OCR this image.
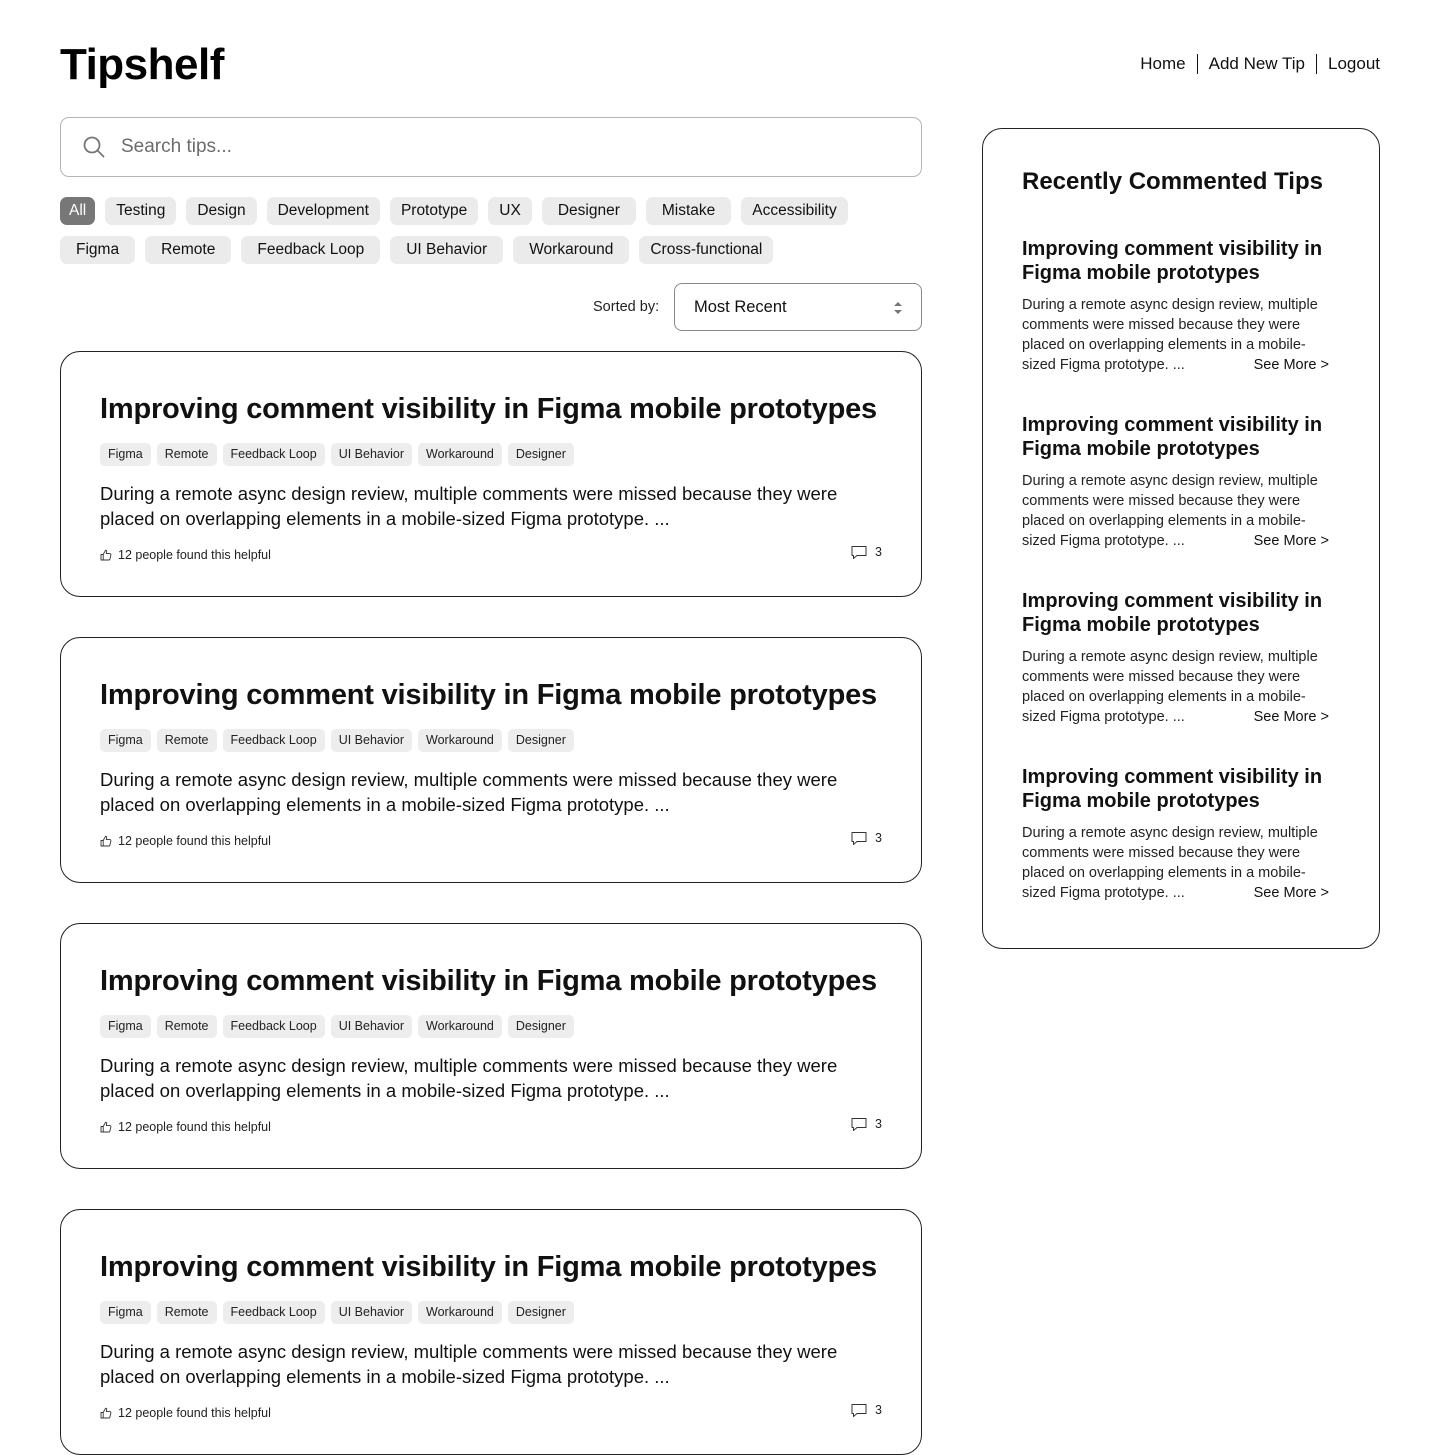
Tipshelf	Home Add New Tip Logout
Search tips...
All	Testing	Design	Development	Prototype	UX	Designer	Mistake	Accessibility
Figma	Remote	Feedback Loop	UI Behavior	Workaround	Cross-functional
Sorted by: Most Recent
Improving comment visibility in Figma mobile prototypes
Figma	Remote	Feedback Loop	UI Behavior	Workaround	Designer
During a remote async design review, multiple comments were missed because they were placed on overlapping elements in a mobile-sized Figma prototype. ...
12 people found this helpful	3
Improving comment visibility in Figma mobile prototypes
Figma	Remote	Feedback Loop	UI Behavior	Workaround	Designer
During a remote async design review, multiple comments were missed because they were placed on overlapping elements in a mobile-sized Figma prototype. ...
12 people found this helpful	3
Improving comment visibility in Figma mobile prototypes
Figma	Remote	Feedback Loop	UI Behavior	Workaround	Designer
During a remote async design review, multiple comments were missed because they were placed on overlapping elements in a mobile-sized Figma prototype. ...
12 people found this helpful	3
Improving comment visibility in Figma mobile prototypes
Figma	Remote	Feedback Loop	UI Behavior	Workaround	Designer
During a remote async design review, multiple comments were missed because they were placed on overlapping elements in a mobile-sized Figma prototype. ...
12 people found this helpful	3
Recently Commented Tips
Improving comment visibility in Figma mobile prototypes
During a remote async design review, multiple comments were missed because they were placed on overlapping elements in a mobile-sized Figma prototype. ...	See More >
Improving comment visibility in Figma mobile prototypes
During a remote async design review, multiple comments were missed because they were placed on overlapping elements in a mobile-sized Figma prototype. ...	See More >
Improving comment visibility in Figma mobile prototypes
During a remote async design review, multiple comments were missed because they were placed on overlapping elements in a mobile-sized Figma prototype. ...	See More >
Improving comment visibility in Figma mobile prototypes
During a remote async design review, multiple comments were missed because they were placed on overlapping elements in a mobile-sized Figma prototype. ...	See More >
